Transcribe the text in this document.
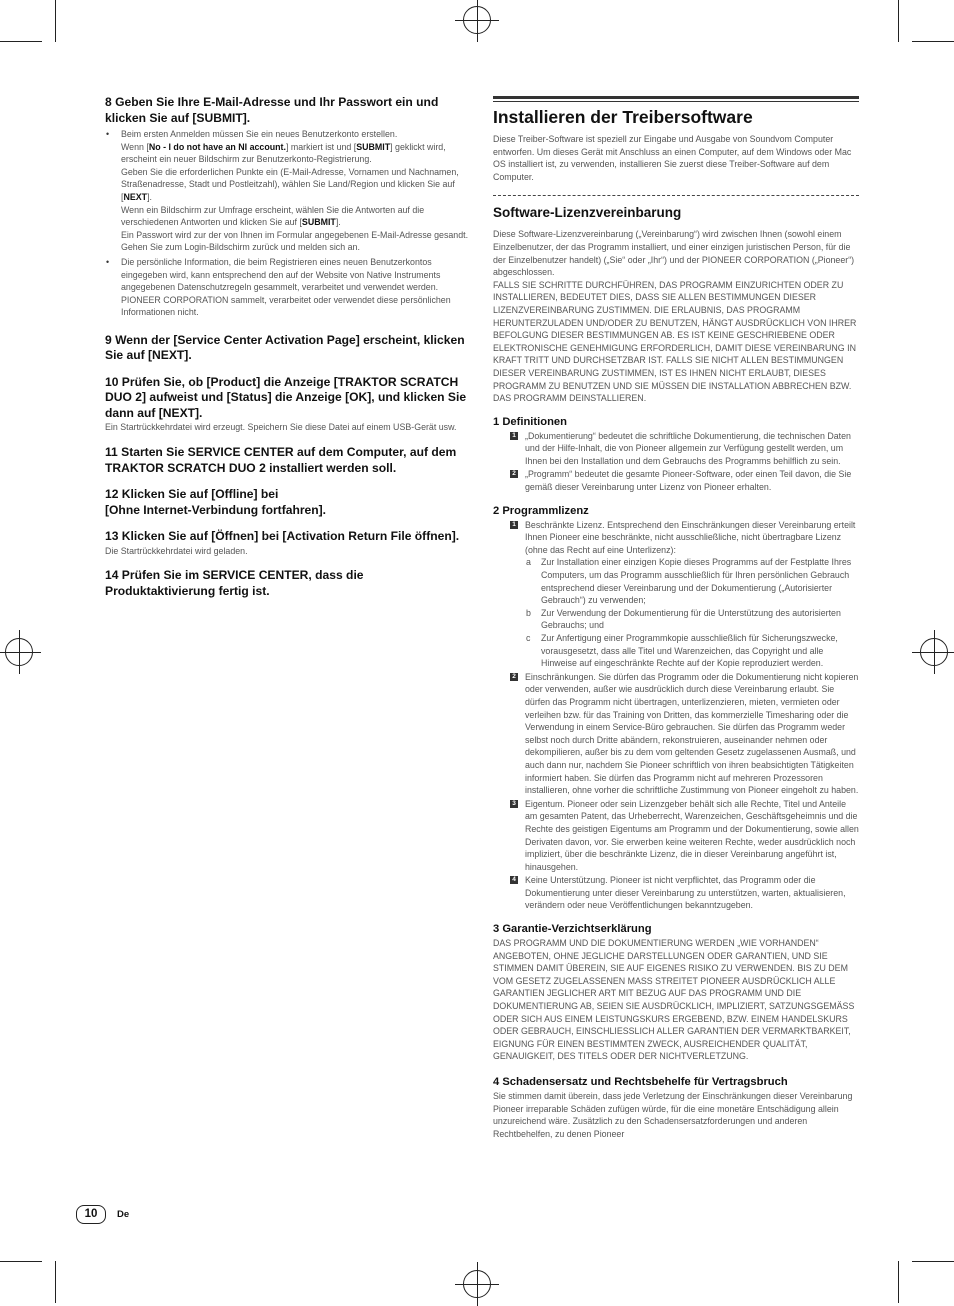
8 Geben Sie Ihre E-Mail-Adresse und Ihr Passwort ein und klicken Sie auf [SUBMIT].

• Beim ersten Anmelden müssen Sie ein neues Benutzerkonto erstellen.

Wenn [No - I do not have an NI account.] markiert ist und [SUBMIT] geklickt wird, erscheint ein neuer Bildschirm zur Benutzerkonto-Registrierung.

Geben Sie die erforderlichen Punkte ein (E-Mail-Adresse, Vornamen und Nachnamen, Straßenadresse, Stadt und Postleitzahl), wählen Sie Land/Region und klicken Sie auf [NEXT].

Wenn ein Bildschirm zur Umfrage erscheint, wählen Sie die Antworten auf die verschiedenen Antworten und klicken Sie auf [SUBMIT].

Ein Passwort wird zur der von Ihnen im Formular angegebenen E-Mail-Adresse gesandt. Gehen Sie zum Login-Bildschirm zurück und melden sich an.

• Die persönliche Information, die beim Registrieren eines neuen Benutzerkontos eingegeben wird, kann entsprechend den auf der Website von Native Instruments angegebenen Datenschutzregeln gesammelt, verarbeitet und verwendet werden.

PIONEER CORPORATION sammelt, verarbeitet oder verwendet diese persönlichen Informationen nicht.

9 Wenn der [Service Center Activation Page] erscheint, klicken Sie auf [NEXT].

10 Prüfen Sie, ob [Product] die Anzeige [TRAKTOR SCRATCH DUO 2] aufweist und [Status] die Anzeige [OK], und klicken Sie dann auf [NEXT].

Ein Startrückkehrdatei wird erzeugt. Speichern Sie diese Datei auf einem USB-Gerät usw.

11 Starten Sie SERVICE CENTER auf dem Computer, auf dem TRAKTOR SCRATCH DUO 2 installiert werden soll.

12 Klicken Sie auf [Offline] bei
[Ohne Internet-Verbindung fortfahren].

13 Klicken Sie auf [Öffnen] bei [Activation Return File öffnen].

Die Startrückkehrdatei wird geladen.

14 Prüfen Sie im SERVICE CENTER, dass die Produktaktivierung fertig ist.

Installieren der Treibersoftware

Diese Treiber-Software ist speziell zur Eingabe und Ausgabe von Soundvom Computer entworfen. Um dieses Gerät mit Anschluss an einen Computer, auf dem Windows oder Mac OS installiert ist, zu verwenden, installieren Sie zuerst diese Treiber-Software auf dem Computer.

Software-Lizenzvereinbarung

Diese Software-Lizenzvereinbarung („Vereinbarung“) wird zwischen Ihnen (sowohl einem Einzelbenutzer, der das Programm installiert, und einer einzigen juristischen Person, für die der Einzelbenutzer handelt) („Sie“ oder „Ihr“) und der PIONEER CORPORATION („Pioneer“) abgeschlossen.

FALLS SIE SCHRITTE DURCHFÜHREN, DAS PROGRAMM EINZURICHTEN ODER ZU INSTALLIEREN, BEDEUTET DIES, DASS SIE ALLEN BESTIMMUNGEN DIESER LIZENZVEREINBARUNG ZUSTIMMEN. DIE ERLAUBNIS, DAS PROGRAMM HERUNTERZULADEN UND/ODER ZU BENUTZEN, HÄNGT AUSDRÜCKLICH VON IHRER BEFOLGUNG DIESER BESTIMMUNGEN AB. ES IST KEINE GESCHRIEBENE ODER ELEKTRONISCHE GENEHMIGUNG ERFORDERLICH, DAMIT DIESE VEREINBARUNG IN KRAFT TRITT UND DURCHSETZBAR IST. FALLS SIE NICHT ALLEN BESTIMMUNGEN DIESER VEREINBARUNG ZUSTIMMEN, IST ES IHNEN NICHT ERLAUBT, DIESES PROGRAMM ZU BENUTZEN UND SIE MÜSSEN DIE INSTALLATION ABBRECHEN BZW. DAS PROGRAMM DEINSTALLIEREN.

1 Definitionen
1 „Dokumentierung“ bedeutet die schriftliche Dokumentierung, die technischen Daten und der Hilfe-Inhalt, die von Pioneer allgemein zur Verfügung gestellt werden, um Ihnen bei den Installation und dem Gebrauchs des Programms behilflich zu sein.
2 „Programm“ bedeutet die gesamte Pioneer-Software, oder einen Teil davon, die Sie gemäß dieser Vereinbarung unter Lizenz von Pioneer erhalten.
2 Programmlizenz
1 Beschränkte Lizenz. Entsprechend den Einschränkungen dieser Vereinbarung erteilt Ihnen Pioneer eine beschränkte, nicht ausschließliche, nicht übertragbare Lizenz (ohne das Recht auf eine Unterlizenz):
a Zur Installation einer einzigen Kopie dieses Programms auf der Festplatte Ihres Computers, um das Programm ausschließlich für Ihren persönlichen Gebrauch entsprechend dieser Vereinbarung und der Dokumentierung („Autorisierter Gebrauch“) zu verwenden;
b Zur Verwendung der Dokumentierung für die Unterstützung des autorisierten Gebrauchs; und
c Zur Anfertigung einer Programmkopie ausschließlich für Sicherungszwecke, vorausgesetzt, dass alle Titel und Warenzeichen, das Copyright und alle Hinweise auf eingeschränkte Rechte auf der Kopie reproduziert werden.
2 Einschränkungen. Sie dürfen das Programm oder die Dokumentierung nicht kopieren oder verwenden, außer wie ausdrücklich durch diese Vereinbarung erlaubt. Sie dürfen das Programm nicht übertragen, unterlizenzieren, mieten, vermieten oder verleihen bzw. für das Training von Dritten, das kommerzielle Timesharing oder die Verwendung in einem Service-Büro gebrauchen. Sie dürfen das Programm weder selbst noch durch Dritte abändern, rekonstruieren, auseinander nehmen oder dekompilieren, außer bis zu dem vom geltenden Gesetz zugelassenen Ausmaß, und auch dann nur, nachdem Sie Pioneer schriftlich von ihren beabsichtigten Tätigkeiten informiert haben. Sie dürfen das Programm nicht auf mehreren Prozessoren installieren, ohne vorher die schriftliche Zustimmung von Pioneer eingeholt zu haben.
3 Eigentum. Pioneer oder sein Lizenzgeber behält sich alle Rechte, Titel und Anteile am gesamten Patent, das Urheberrecht, Warenzeichen, Geschäftsgeheimnis und die Rechte des geistigen Eigentums am Programm und der Dokumentierung, sowie allen Derivaten davon, vor. Sie erwerben keine weiteren Rechte, weder ausdrücklich noch impliziert, über die beschränkte Lizenz, die in dieser Vereinbarung angeführt ist, hinausgehen.
4 Keine Unterstützung. Pioneer ist nicht verpflichtet, das Programm oder die Dokumentierung unter dieser Vereinbarung zu unterstützen, warten, aktualisieren, verändern oder neue Veröffentlichungen bekanntzugeben.
3 Garantie-Verzichtserklärung

DAS PROGRAMM UND DIE DOKUMENTIERUNG WERDEN „WIE VORHANDEN“ ANGEBOTEN, OHNE JEGLICHE DARSTELLUNGEN ODER GARANTIEN, UND SIE STIMMEN DAMIT ÜBEREIN, SIE AUF EIGENES RISIKO ZU VERWENDEN. BIS ZU DEM VOM GESETZ ZUGELASSENEN MASS STREITET PIONEER AUSDRÜCKLICH ALLE GARANTIEN JEGLICHER ART MIT BEZUG AUF DAS PROGRAMM UND DIE DOKUMENTIERUNG AB, SEIEN SIE AUSDRÜCKLICH, IMPLIZIERT, SATZUNGSGEMÄSS ODER SICH AUS EINEM LEISTUNGSKURS ERGEBEND, BZW. EINEM HANDELSKURS ODER GEBRAUCH, EINSCHLIESSLICH ALLER GARANTIEN DER VERMARKTBARKEIT, EIGNUNG FÜR EINEN BESTIMMTEN ZWECK, AUSREICHENDER QUALITÄT, GENAUIGKEIT, DES TITELS ODER DER NICHTVERLETZUNG.

4 Schadensersatz und Rechtsbehelfe für Vertragsbruch

Sie stimmen damit überein, dass jede Verletzung der Einschränkungen dieser Vereinbarung Pioneer irreparable Schäden zufügen würde, für die eine monetäre Entschädigung allein unzureichend wäre. Zusätzlich zu den Schadensersatzforderungen und anderen Rechtbehelfen, zu denen Pioneer

10	De
